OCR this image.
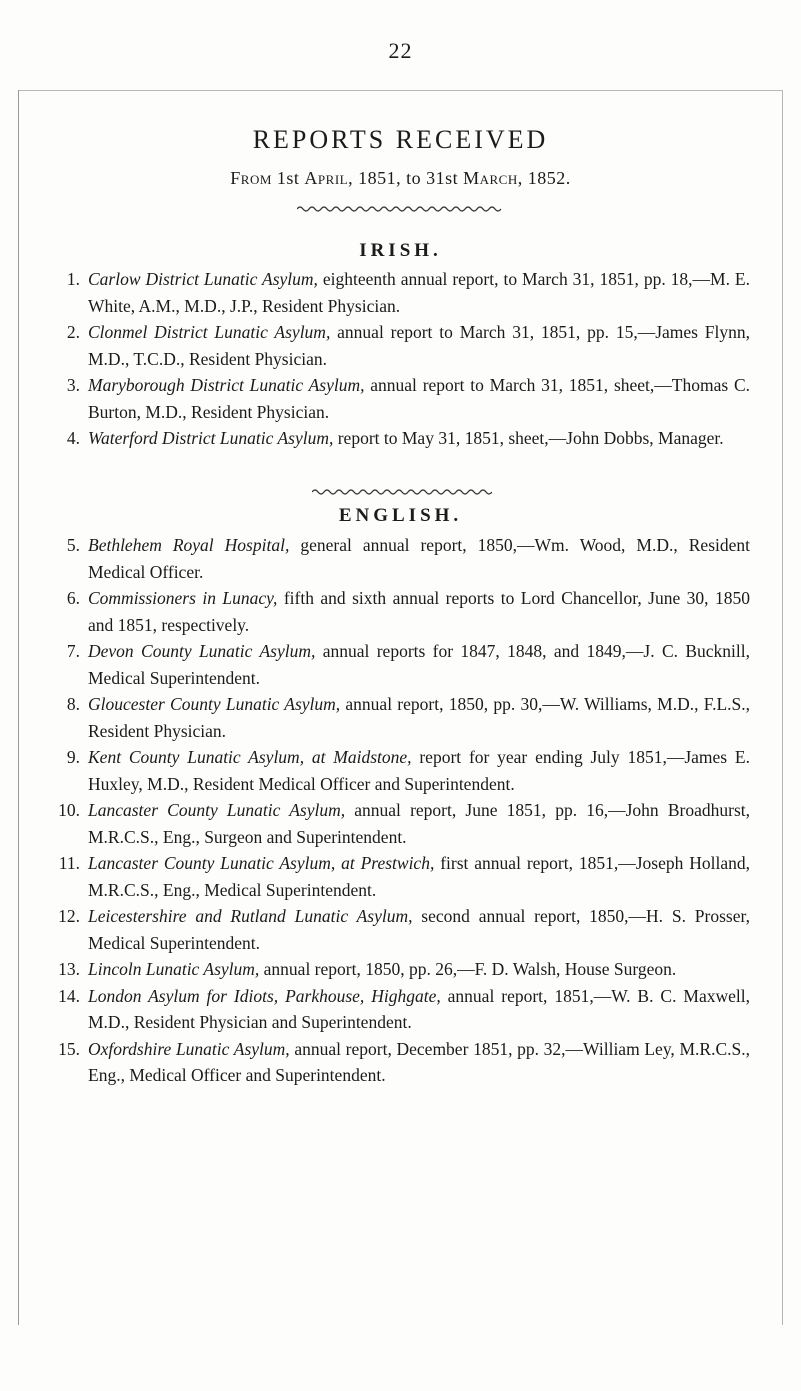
22
REPORTS RECEIVED
From 1st April, 1851, to 31st March, 1852.
IRISH.
1. Carlow District Lunatic Asylum, eighteenth annual report, to March 31, 1851, pp. 18,—M. E. White, A.M., M.D., J.P., Resident Physician.
2. Clonmel District Lunatic Asylum, annual report to March 31, 1851, pp. 15,—James Flynn, M.D., T.C.D., Resident Physician.
3. Maryborough District Lunatic Asylum, annual report to March 31, 1851, sheet,—Thomas C. Burton, M.D., Resident Physician.
4. Waterford District Lunatic Asylum, report to May 31, 1851, sheet,—John Dobbs, Manager.
ENGLISH.
5. Bethlehem Royal Hospital, general annual report, 1850,—Wm. Wood, M.D., Resident Medical Officer.
6. Commissioners in Lunacy, fifth and sixth annual reports to Lord Chancellor, June 30, 1850 and 1851, respectively.
7. Devon County Lunatic Asylum, annual reports for 1847, 1848, and 1849,—J. C. Bucknill, Medical Superintendent.
8. Gloucester County Lunatic Asylum, annual report, 1850, pp. 30,—W. Williams, M.D., F.L.S., Resident Physician.
9. Kent County Lunatic Asylum, at Maidstone, report for year ending July 1851,—James E. Huxley, M.D., Resident Medical Officer and Superintendent.
10. Lancaster County Lunatic Asylum, annual report, June 1851, pp. 16,—John Broadhurst, M.R.C.S., Eng., Surgeon and Superintendent.
11. Lancaster County Lunatic Asylum, at Prestwich, first annual report, 1851,—Joseph Holland, M.R.C.S., Eng., Medical Superintendent.
12. Leicestershire and Rutland Lunatic Asylum, second annual report, 1850,—H. S. Prosser, Medical Superintendent.
13. Lincoln Lunatic Asylum, annual report, 1850, pp. 26,—F. D. Walsh, House Surgeon.
14. London Asylum for Idiots, Parkhouse, Highgate, annual report, 1851,—W. B. C. Maxwell, M.D., Resident Physician and Superintendent.
15. Oxfordshire Lunatic Asylum, annual report, December 1851, pp. 32,—William Ley, M.R.C.S., Eng., Medical Officer and Superintendent.
